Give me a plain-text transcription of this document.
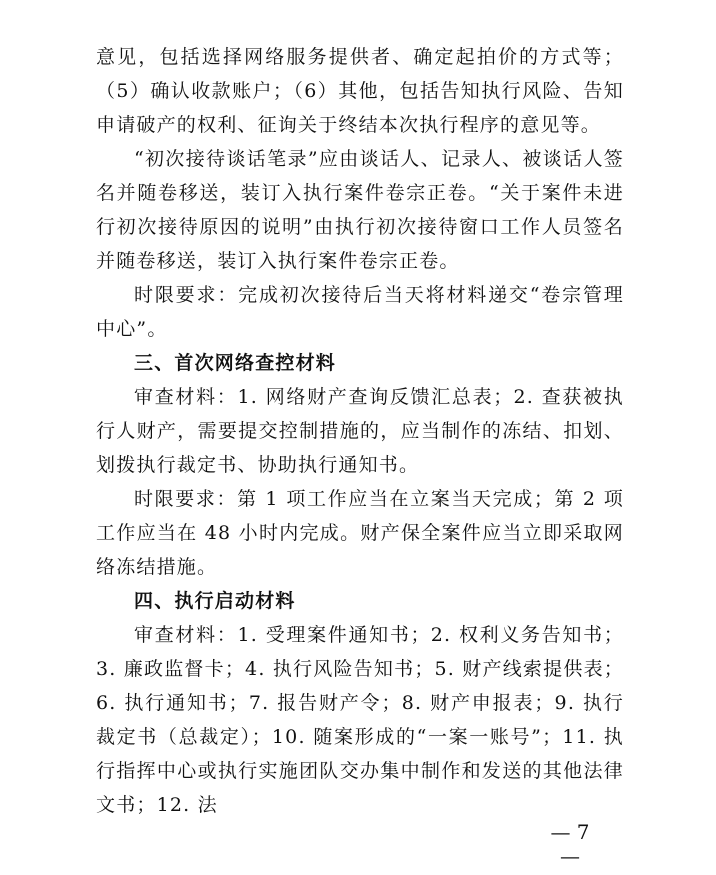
意见，包括选择网络服务提供者、确定起拍价的方式等；（5）确认收款账户；（6）其他，包括告知执行风险、告知申请破产的权利、征询关于终结本次执行程序的意见等。

“初次接待谈话笔录”应由谈话人、记录人、被谈话人签名并随卷移送，装订入执行案件卷宗正卷。“关于案件未进行初次接待原因的说明”由执行初次接待窗口工作人员签名并随卷移送，装订入执行案件卷宗正卷。

时限要求：完成初次接待后当天将材料递交“卷宗管理中心”。

三、首次网络查控材料

审查材料：1. 网络财产查询反馈汇总表；2. 查获被执行人财产，需要提交控制措施的，应当制作的冻结、扣划、划拨执行裁定书、协助执行通知书。

时限要求：第 1 项工作应当在立案当天完成；第 2 项工作应当在 48 小时内完成。财产保全案件应当立即采取网络冻结措施。

四、执行启动材料

审查材料：1. 受理案件通知书；2. 权利义务告知书；3. 廉政监督卡；4. 执行风险告知书；5. 财产线索提供表；6. 执行通知书；7. 报告财产令；8. 财产申报表；9. 执行裁定书（总裁定）；10. 随案形成的“一案一账号”；11. 执行指挥中心或执行实施团队交办集中制作和发送的其他法律文书；12. 法

— 7 —
